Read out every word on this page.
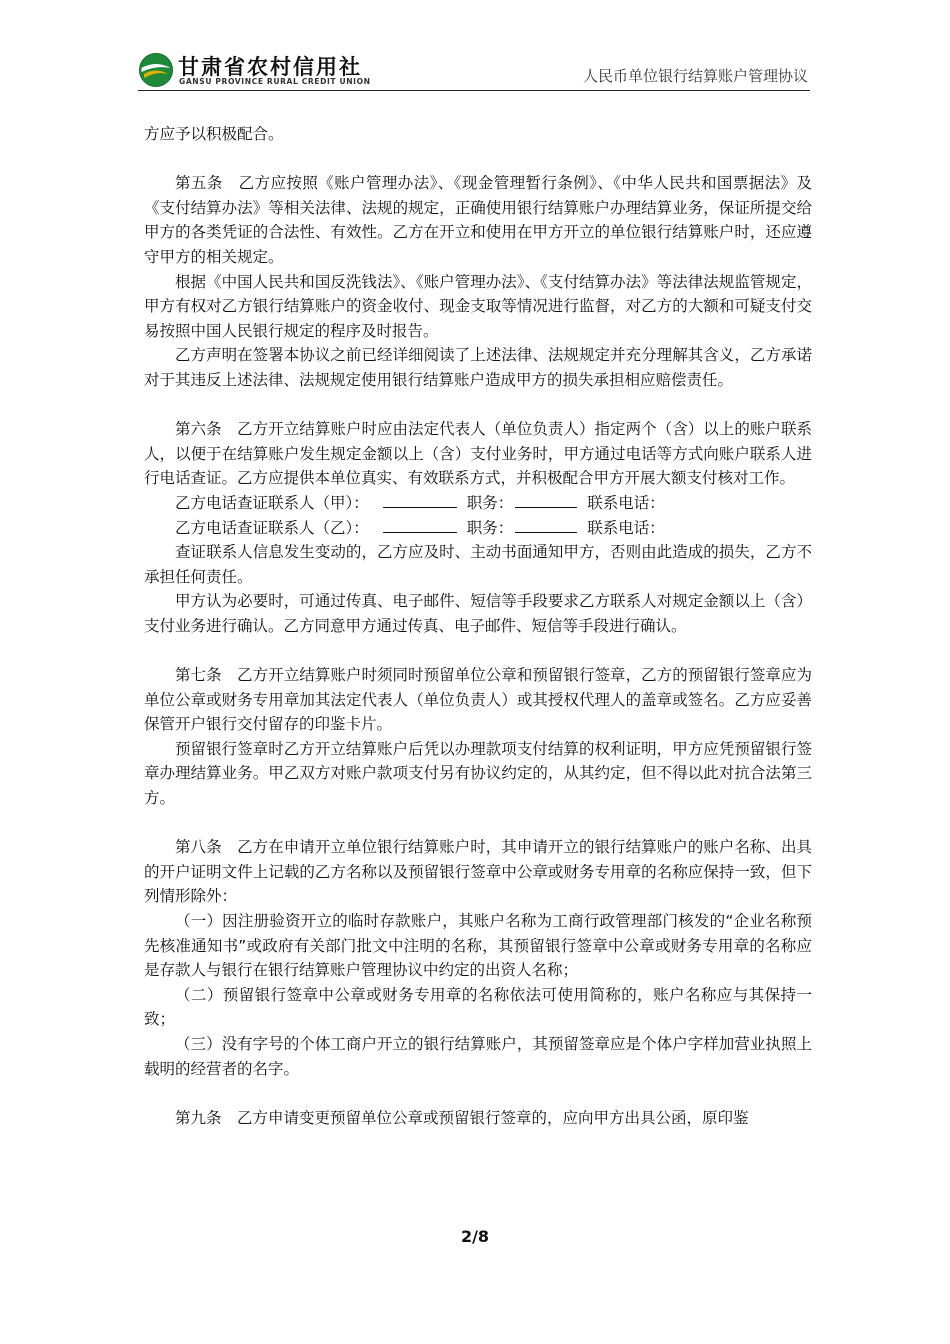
甘肃省农村信用社
GANSU PROVINCE RURAL CREDIT UNION	人民币单位银行结算账户管理协议

方应予以积极配合。

第五条　乙方应按照《账户管理办法》、《现金管理暂行条例》、《中华人民共和国票据法》及《支付结算办法》等相关法律、法规的规定，正确使用银行结算账户办理结算业务，保证所提交给甲方的各类凭证的合法性、有效性。乙方在开立和使用在甲方开立的单位银行结算账户时，还应遵守甲方的相关规定。

根据《中国人民共和国反洗钱法》、《账户管理办法》、《支付结算办法》等法律法规监管规定，甲方有权对乙方银行结算账户的资金收付、现金支取等情况进行监督，对乙方的大额和可疑支付交易按照中国人民银行规定的程序及时报告。

乙方声明在签署本协议之前已经详细阅读了上述法律、法规规定并充分理解其含义，乙方承诺对于其违反上述法律、法规规定使用银行结算账户造成甲方的损失承担相应赔偿责任。

第六条　乙方开立结算账户时应由法定代表人（单位负责人）指定两个（含）以上的账户联系人，以便于在结算账户发生规定金额以上（含）支付业务时，甲方通过电话等方式向账户联系人进行电话查证。乙方应提供本单位真实、有效联系方式，并积极配合甲方开展大额支付核对工作。

乙方电话查证联系人（甲）：	职务：	联系电话：

乙方电话查证联系人（乙）：	职务：	联系电话：

查证联系人信息发生变动的，乙方应及时、主动书面通知甲方，否则由此造成的损失，乙方不承担任何责任。

甲方认为必要时，可通过传真、电子邮件、短信等手段要求乙方联系人对规定金额以上（含）支付业务进行确认。乙方同意甲方通过传真、电子邮件、短信等手段进行确认。

第七条　乙方开立结算账户时须同时预留单位公章和预留银行签章，乙方的预留银行签章应为单位公章或财务专用章加其法定代表人（单位负责人）或其授权代理人的盖章或签名。乙方应妥善保管开户银行交付留存的印鉴卡片。

预留银行签章时乙方开立结算账户后凭以办理款项支付结算的权利证明，甲方应凭预留银行签章办理结算业务。甲乙双方对账户款项支付另有协议约定的，从其约定，但不得以此对抗合法第三方。

第八条　乙方在申请开立单位银行结算账户时，其申请开立的银行结算账户的账户名称、出具的开户证明文件上记载的乙方名称以及预留银行签章中公章或财务专用章的名称应保持一致，但下列情形除外：

（一）因注册验资开立的临时存款账户，其账户名称为工商行政管理部门核发的“企业名称预先核准通知书”或政府有关部门批文中注明的名称，其预留银行签章中公章或财务专用章的名称应是存款人与银行在银行结算账户管理协议中约定的出资人名称；

（二）预留银行签章中公章或财务专用章的名称依法可使用简称的，账户名称应与其保持一致；

（三）没有字号的个体工商户开立的银行结算账户，其预留签章应是个体户字样加营业执照上载明的经营者的名字。

第九条　乙方申请变更预留单位公章或预留银行签章的，应向甲方出具公函，原印鉴

2/8
